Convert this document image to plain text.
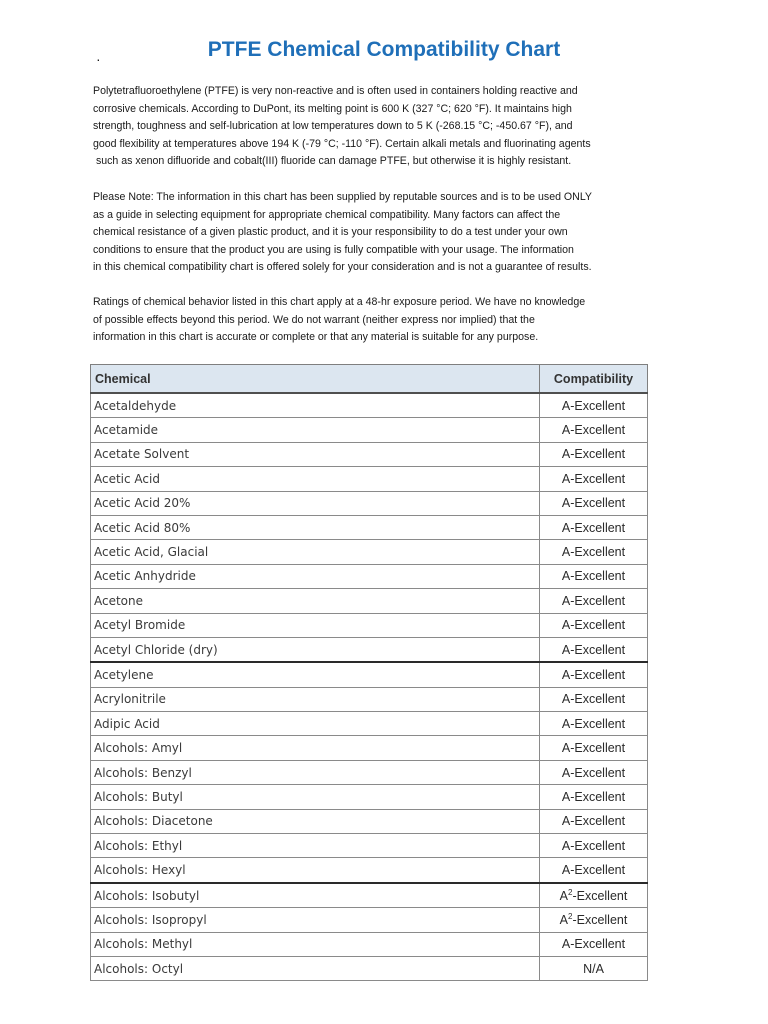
·	PTFE Chemical Compatibility Chart
Polytetrafluoroethylene (PTFE) is very non-reactive and is often used in containers holding reactive and
corrosive chemicals. According to DuPont, its melting point is 600 K (327 °C; 620 °F). It maintains high
strength, toughness and self-lubrication at low temperatures down to 5 K (-268.15 °C; -450.67 °F), and
good flexibility at temperatures above 194 K (-79 °C; -110 °F). Certain alkali metals and fluorinating agents
such as xenon difluoride and cobalt(III) fluoride can damage PTFE, but otherwise it is highly resistant.
Please Note: The information in this chart has been supplied by reputable sources and is to be used ONLY
as a guide in selecting equipment for appropriate chemical compatibility. Many factors can affect the
chemical resistance of a given plastic product, and it is your responsibility to do a test under your own
conditions to ensure that the product you are using is fully compatible with your usage. The information
in this chemical compatibility chart is offered solely for your consideration and is not a guarantee of results.
Ratings of chemical behavior listed in this chart apply at a 48-hr exposure period. We have no knowledge
of possible effects beyond this period. We do not warrant (neither express nor implied) that the
information in this chart is accurate or complete or that any material is suitable for any purpose.
Chemical	Compatibility
Acetaldehyde	A-Excellent
Acetamide	A-Excellent
Acetate Solvent	A-Excellent
Acetic Acid	A-Excellent
Acetic Acid 20%	A-Excellent
Acetic Acid 80%	A-Excellent
Acetic Acid, Glacial	A-Excellent
Acetic Anhydride	A-Excellent
Acetone	A-Excellent
Acetyl Bromide	A-Excellent
Acetyl Chloride (dry)	A-Excellent
Acetylene	A-Excellent
Acrylonitrile	A-Excellent
Adipic Acid	A-Excellent
Alcohols: Amyl	A-Excellent
Alcohols: Benzyl	A-Excellent
Alcohols: Butyl	A-Excellent
Alcohols: Diacetone	A-Excellent
Alcohols: Ethyl	A-Excellent
Alcohols: Hexyl	A-Excellent
Alcohols: Isobutyl	$A^2$-Excellent
Alcohols: Isopropyl	$A^2$-Excellent
Alcohols: Methyl	A-Excellent
Alcohols: Octyl	N/A
